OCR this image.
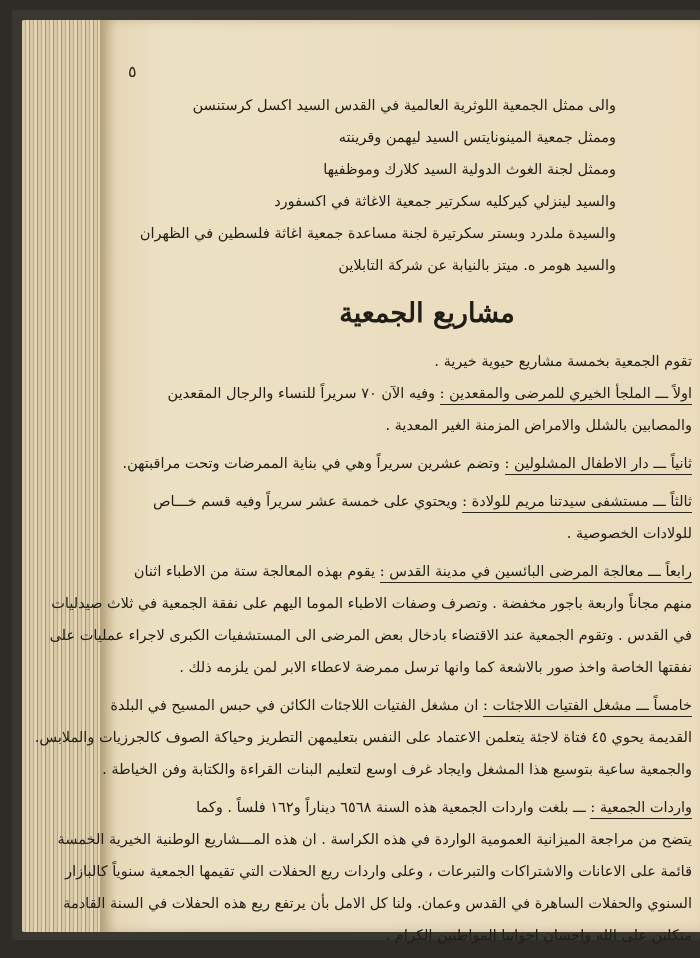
٥
والى ممثل الجمعية اللوثرية العالمية في القدس السيد اكسل كرستنسن
وممثل جمعية المينونايتس السيد ليهمن وقرينته
وممثل لجنة الغوث الدولية السيد كلارك وموظفيها
والسيد لينزلي كيركليه سكرتير جمعية الاغاثة في اكسفورد
والسيدة ملدرد وبستر سكرتيرة لجنة مساعدة جمعية اغاثة فلسطين في الظهران
والسيد هومر ه. ميتز بالنيابة عن شركة التابلاين
مشاريع الجمعية
تقوم الجمعية بخمسة مشاريع حيوية خيرية .
اولاً ـــ الملجأ الخيري للمرضى والمقعدين : وفيه الآن ٧٠ سريراً للنساء والرجال المقعدين
والمصابين بالشلل والامراض المزمنة الغير المعدية .
ثانياً ـــ دار الاطفال المشلولين : وتضم عشرين سريراً وهي في بناية الممرضات وتحت مراقبتهن.
ثالثاً ـــ مستشفى سيدتنا مريم للولادة : ويحتوي على خمسة عشر سريراً وفيه قسم خـــاص
للولادات الخصوصية .
رابعاً ـــ معالجة المرضى البائسين في مدينة القدس : يقوم بهذه المعالجة ستة من الاطباء اثنان
منهم مجاناً واربعة باجور مخفضة . وتصرف وصفات الاطباء الموما اليهم على نفقة الجمعية في ثلاث صيدليات
في القدس . وتقوم الجمعية عند الاقتضاء بادخال بعض المرضى الى المستشفيات الكبرى لاجراء عمليات على
نفقتها الخاصة واخذ صور بالاشعة كما وانها ترسل ممرضة لاعطاء الابر لمن يلزمه ذلك .
خامساً ـــ مشغل الفتيات اللاجئات : ان مشغل الفتيات اللاجئات الكائن في حبس المسيح في البلدة
القديمة يحوي ٤٥ فتاة لاجئة يتعلمن الاعتماد على النفس بتعليمهن التطريز وحياكة الصوف كالجرزيات والملابس.
والجمعية ساعية بتوسيع هذا المشغل وايجاد غرف اوسع لتعليم البنات القراءة والكتابة وفن الخياطة .
واردات الجمعية : ـــ بلغت واردات الجمعية هذه السنة ٦٥٦٨ ديناراً و١٦٢ فلساً . وكما
يتضح من مراجعة الميزانية العمومية الواردة في هذه الكراسة . ان هذه المـــشاريع الوطنية الخيرية الخمسة
قائمة على الاعانات والاشتراكات والتبرعات ، وعلى واردات ريع الحفلات التي تقيمها الجمعية سنوياً كالبازار
السنوي والحفلات الساهرة في القدس وعمان. ولنا كل الامل بأن يرتفع ريع هذه الحفلات في السنة القادمة
متكلين على الله واحسان اخواننا المواطنين الكرام .
